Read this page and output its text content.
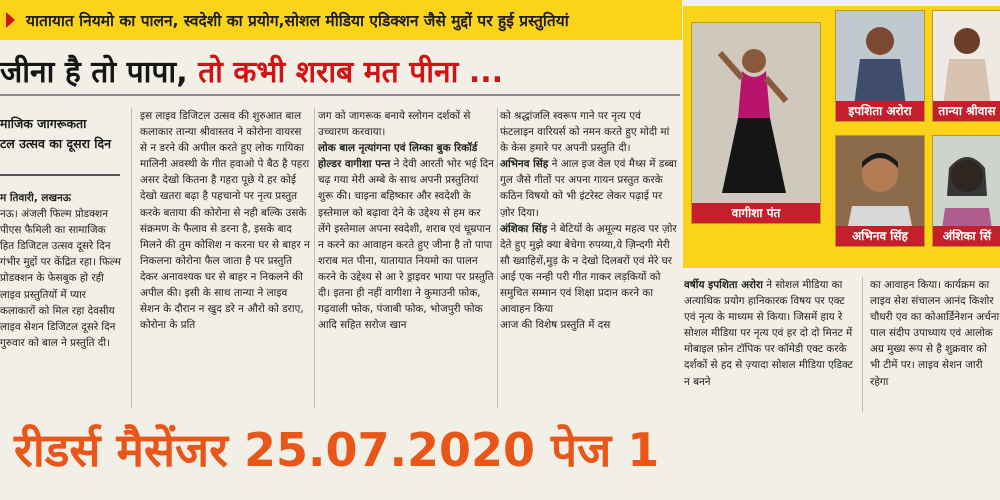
यातायात नियमो का पालन, स्वदेशी का प्रयोग,सोशल मीडिया एडिक्शन जैसे मुद्दों पर हुई प्रस्तुतियां
जीना है तो पापा, तो कभी शराब मत पीना ...
माजिक जागरूकता
टल उत्सव का दूसरा दिन

म तिवारी, लखनऊ

नऊ। अंजली फिल्म प्रोडक्शन पीएस फैमिली का सामाजिक हित डिजिटल उत्सव दूसरे दिन गंभीर मुद्दों पर केंद्रित रहा। फिल्म प्रोडक्शन के फेसबुक हो रही लाइव प्रस्तुतियों में प्यार कलाकारों को मिल रहा देवसीय लाइव सेशन डिजिटल दूसरे दिन गुरुवार को बाल ने प्रस्तुति दी।

इस लाइव डिजिटल उत्सव की शुरुआत बाल कलाकार तान्या श्रीवास्तव ने कोरोना वायरस से न डरने की अपील करते हुए लोक गायिका मालिनी अवस्थी के गीत हवाओ पे बैठ है पहरा असर देखो कितना है गहरा पूछे ये हर कोई देखो खतरा बढ़ा है पहचानो पर नृत्य प्रस्तुत करके बताया की कोरोना से नही बल्कि उसके संक्रमण के फैलाव से डरना है, इसके बाद मिलने की तुम कोशिश न करना घर से बाहर न निकलना कोरोना फैल जाता है पर प्रस्तुति देकर अनावश्यक घर से बाहर न निकलने की अपील की। इसी के साथ तान्या ने लाइव सेशन के दौरान न खुद डरे न औरो को डराए, कोरोना के प्रति

जग को जागरूक बनाये स्लोगन दर्शकों से उच्चारण करवाया।

लोक बाल नृत्यांगना एवं लिम्का बुक रिकॉर्ड होल्डर वागीशा पन्त ने देवी आरती भोर भई दिन चढ़ गया मेरी अम्बे के साथ अपनी प्रस्तुतियां शुरू की। चाइना बहिष्कार और स्वदेशी के इस्तेमाल को बढ़ावा देने के उद्देश्य से हम कर लेंगे इस्तेमाल अपना स्वदेशी, शराब एवं धूम्रपान न करने का आवाहन करते हुए जीना है तो पापा शराब मत पीना, यातायात नियमो का पालन करने के उद्देश्य से आ रे ड्राइवर भाया पर प्रस्तुति दी। इतना ही नहीं वागीशा ने कुमाउनी फोक, गढ़वाली फोक, पंजाबी फोक, भोजपुरी फोक आदि सहित सरोज खान

को श्रद्धांजलि स्वरूप गाने पर नृत्य एवं फंटलाइन वारियर्स को नमन करते हुए मोदी मां के केस हमारे पर अपनी प्रस्तुति दी।

अभिनव सिंह ने आल इज वेल एवं मैथ्स में डब्बा गुल जैसे गीतों पर अपना गायन प्रस्तुत करके कठिन विषयो को भी इंटरेस्ट लेकर पढ़ाई पर ज़ोर दिया।

अंशिका सिंह ने बेटियों के अमूल्य महत्व पर ज़ोर देते हुए मुझे क्या बेचेगा रुपय्या,ये ज़िन्दगी मेरी सौ ख्वाहिशें,मुड़ के न देखो दिलबरों एवं मेरे घर आई एक नन्ही परी गीत गाकर लड़कियों को समुचित सम्मान एवं शिक्षा प्रदान करने का आवाहन किया

आज की विशेष प्रस्तुति में दस

वागीशा पंत
इपशिता अरोरा	तान्या श्रीवास
अभिनव सिंह	अंशिका सिं

वर्षीय इपशिता अरोरा ने सोशल मीडिया का अत्याधिक प्रयोग हानिकारक विषय पर एक्ट एवं नृत्य के माध्यम से किया। जिसमें हाय रे सोशल मीडिया पर नृत्य एवं हर दो दो मिनट में मोबाइल फ़ोन टॉपिक पर कॉमेडी एक्ट करके दर्शकों से हद से ज़्यादा सोशल मीडिया एडिक्ट न बनने

का आवाहन किया। कार्यक्रम का लाइव सेश संचालन आनंद किशोर चौधरी एव का कोआर्डिनेशन अर्चना पाल संदीप उपाध्याय एवं आलोक अग्र मुख्य रूप से है शुक्रवार को भी टीमें पर। लाइव सेशन जारी रहेगा

रीडर्स मैसेंजर 25.07.2020 पेज 1
